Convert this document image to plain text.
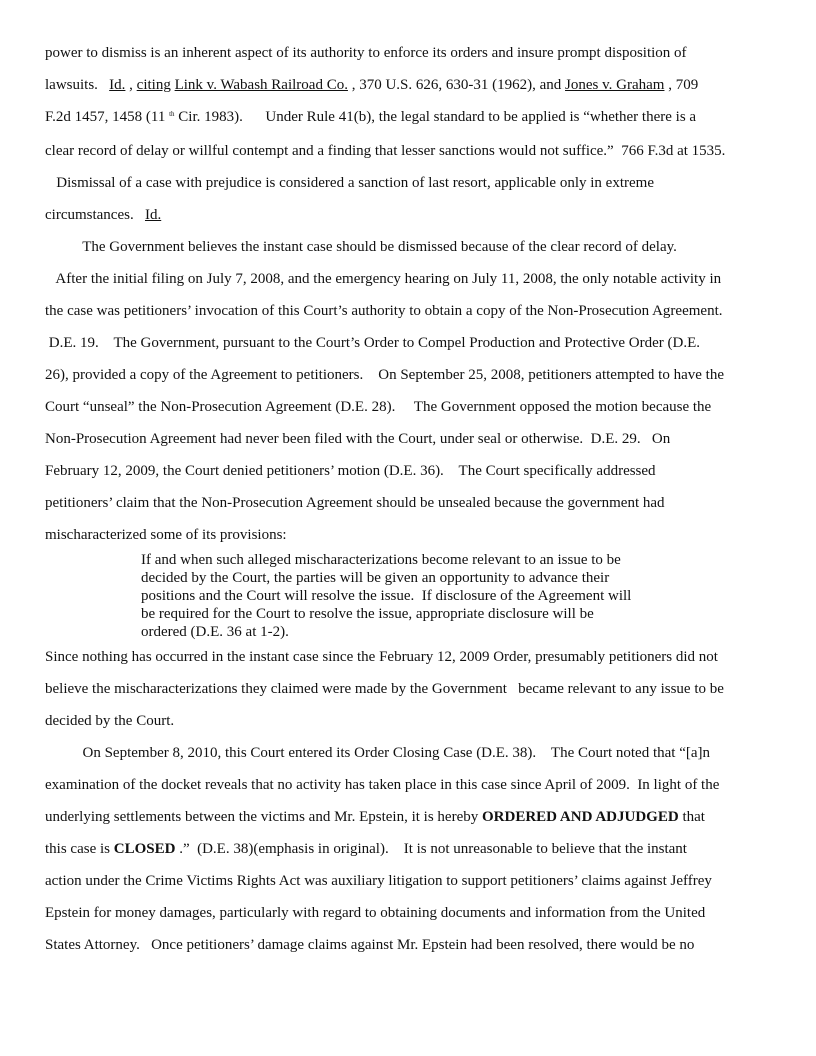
power to dismiss is an inherent aspect of its authority to enforce its orders and insure prompt disposition of
lawsuits.   Id. , citing Link v. Wabash Railroad Co. , 370 U.S. 626, 630-31 (1962), and Jones v. Graham , 709
F.2d 1457, 1458 (11 $^{th}$ Cir. 1983).      Under Rule 41(b), the legal standard to be applied is “whether there is a
clear record of delay or willful contempt and a finding that lesser sanctions would not suffice.”  766 F.3d at 1535.
Dismissal of a case with prejudice is considered a sanction of last resort, applicable only in extreme
circumstances.   Id.
The Government believes the instant case should be dismissed because of the clear record of delay.
After the initial filing on July 7, 2008, and the emergency hearing on July 11, 2008, the only notable activity in
the case was petitioners’ invocation of this Court’s authority to obtain a copy of the Non-Prosecution Agreement.
D.E. 19.    The Government, pursuant to the Court’s Order to Compel Production and Protective Order (D.E.
26), provided a copy of the Agreement to petitioners.    On September 25, 2008, petitioners attempted to have the
Court “unseal” the Non-Prosecution Agreement (D.E. 28).     The Government opposed the motion because the
Non-Prosecution Agreement had never been filed with the Court, under seal or otherwise.  D.E. 29.   On
February 12, 2009, the Court denied petitioners’ motion (D.E. 36).    The Court specifically addressed
petitioners’ claim that the Non-Prosecution Agreement should be unsealed because the government had
mischaracterized some of its provisions:
If and when such alleged mischaracterizations become relevant to an issue to be
decided by the Court, the parties will be given an opportunity to advance their
positions and the Court will resolve the issue.  If disclosure of the Agreement will
be required for the Court to resolve the issue, appropriate disclosure will be
ordered (D.E. 36 at 1-2).
Since nothing has occurred in the instant case since the February 12, 2009 Order, presumably petitioners did not
believe the mischaracterizations they claimed were made by the Government   became relevant to any issue to be
decided by the Court.
On September 8, 2010, this Court entered its Order Closing Case (D.E. 38).    The Court noted that “[a]n
examination of the docket reveals that no activity has taken place in this case since April of 2009.  In light of the
underlying settlements between the victims and Mr. Epstein, it is hereby ORDERED AND ADJUDGED that
this case is CLOSED .”  (D.E. 38)(emphasis in original).    It is not unreasonable to believe that the instant
action under the Crime Victims Rights Act was auxiliary litigation to support petitioners’ claims against Jeffrey
Epstein for money damages, particularly with regard to obtaining documents and information from the United
States Attorney.   Once petitioners’ damage claims against Mr. Epstein had been resolved, there would be no
